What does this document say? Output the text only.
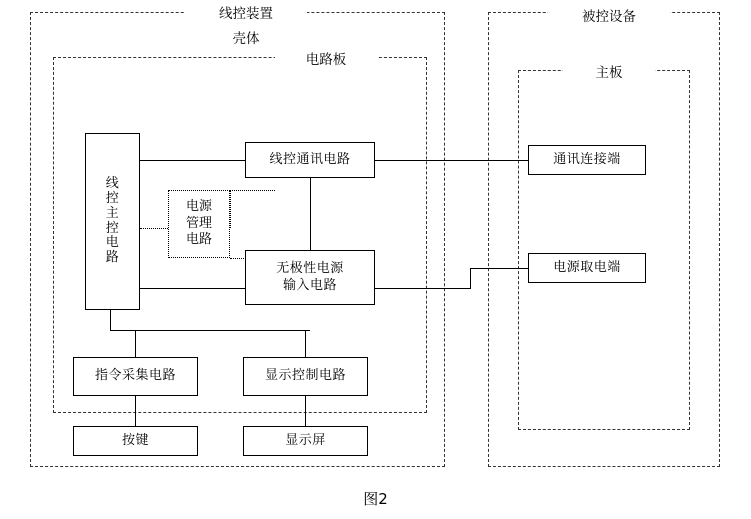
线控装置
壳体
电路板
被控设备
主板
线
控
主
控
电
路
线控通讯电路
电源
管理
电路
无极性电源
输入电路
指令采集电路	显示控制电路
按键	显示屏
通讯连接端
电源取电端
图2
